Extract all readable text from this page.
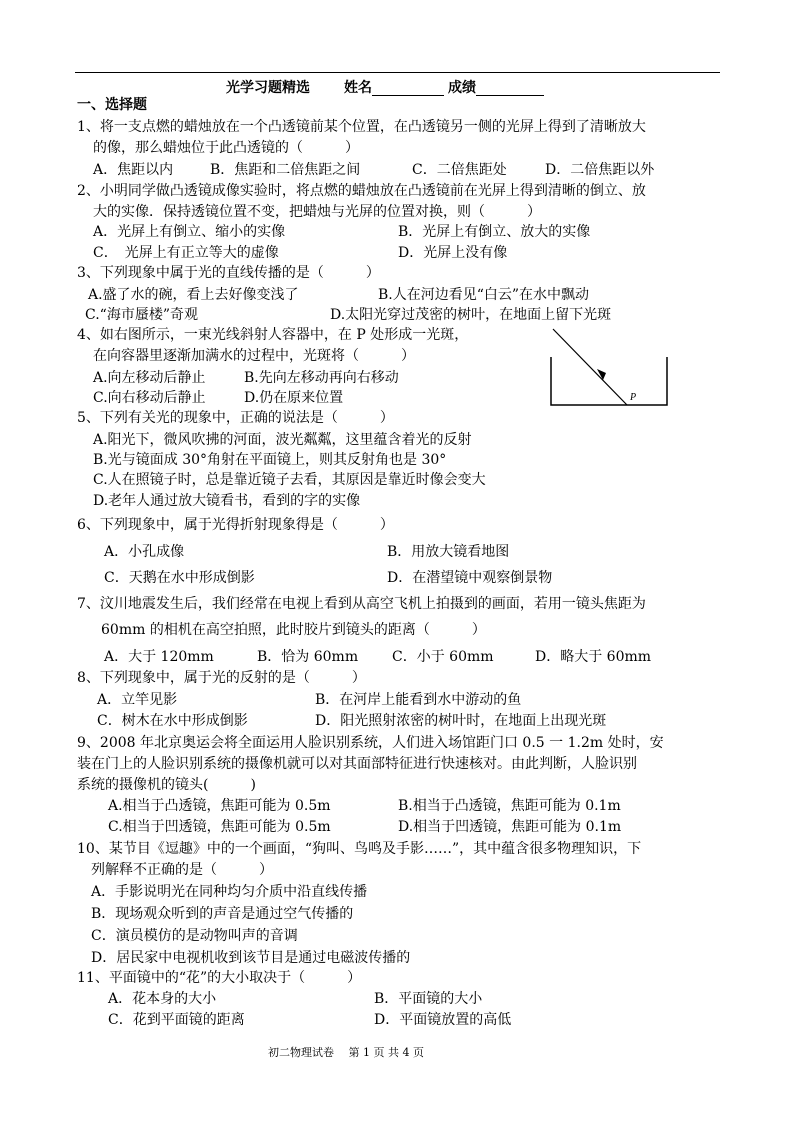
光学习题精选 姓名	成绩
一、选择题
1、将一支点燃的蜡烛放在一个凸透镜前某个位置，在凸透镜另一侧的光屏上得到了清晰放大
的像，那么蜡烛位于此凸透镜的（　　　）
A．焦距以内	B．焦距和二倍焦距之间	C．二倍焦距处	D．二倍焦距以外
2、小明同学做凸透镜成像实验时，将点燃的蜡烛放在凸透镜前在光屏上得到清晰的倒立、放
大的实像．保持透镜位置不变，把蜡烛与光屏的位置对换，则（　　　）
A．光屏上有倒立、缩小的实像	B．光屏上有倒立、放大的实像
C．　光屏上有正立等大的虚像	D．光屏上没有像
3、下列现象中属于光的直线传播的是（　　　）
A.盛了水的碗，看上去好像变浅了	B.人在河边看见“白云”在水中飘动
C.“海市蜃楼”奇观	D.太阳光穿过茂密的树叶，在地面上留下光斑
4、如右图所示，一束光线斜射人容器中，在 P 处形成一光斑，
在向容器里逐渐加满水的过程中，光斑将（　　　）
A.向左移动后静止	B.先向左移动再向右移动
C.向右移动后静止	D.仍在原来位置	P
5、下列有关光的现象中，正确的说法是（　　　）
A.阳光下，微风吹拂的河面，波光粼粼，这里蕴含着光的反射
B.光与镜面成 30°角射在平面镜上，则其反射角也是 30°
C.人在照镜子时，总是靠近镜子去看，其原因是靠近时像会变大
D.老年人通过放大镜看书，看到的字的实像
6、下列现象中，属于光得折射现象得是（　　　）
A．小孔成像	B．用放大镜看地图
C．天鹅在水中形成倒影	D．在潜望镜中观察倒景物
7、汶川地震发生后，我们经常在电视上看到从高空飞机上拍摄到的画面，若用一镜头焦距为
60mm 的相机在高空拍照，此时胶片到镜头的距离（　　　）
A．大于 120mm	B．恰为 60mm C．小于 60mm	D．略大于 60mm
8、下列现象中，属于光的反射的是（　　　）
A．立竿见影	B．在河岸上能看到水中游动的鱼
C．树木在水中形成倒影	D．阳光照射浓密的树叶时，在地面上出现光斑
9、2008 年北京奥运会将全面运用人脸识别系统，人们进入场馆距门口 0.5 一 1.2m 处时，安
装在门上的人脸识别系统的摄像机就可以对其面部特征进行快速核对。由此判断，人脸识别
系统的摄像机的镜头(　　　)
A.相当于凸透镜，焦距可能为 0.5m	B.相当于凸透镜，焦距可能为 0.1m
C.相当于凹透镜，焦距可能为 0.5m	D.相当于凹透镜，焦距可能为 0.1m
10、某节目《逗趣》中的一个画面，“狗叫、鸟鸣及手影……”，其中蕴含很多物理知识，下
列解释不正确的是（　　　）
A．手影说明光在同种均匀介质中沿直线传播
B．现场观众听到的声音是通过空气传播的
C．演员模仿的是动物叫声的音调
D．居民家中电视机收到该节目是通过电磁波传播的
11、平面镜中的“花”的大小取决于（　　　）
A．花本身的大小	B．平面镜的大小
C．花到平面镜的距离	D．平面镜放置的高低
初二物理试卷　 第 1 页 共 4 页
